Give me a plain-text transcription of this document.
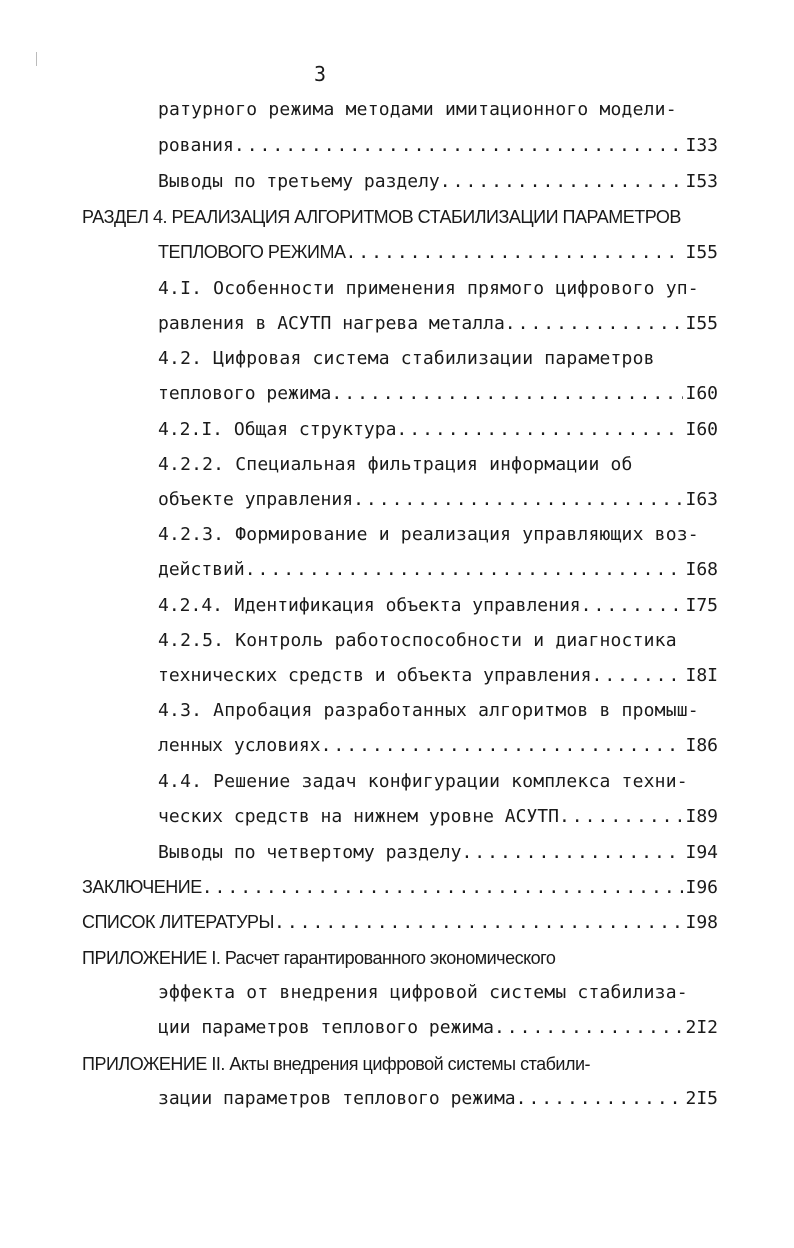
3
ратурного режима методами имитационного модели-
рования .....	I33
Выводы по третьему разделу .....	I53
РАЗДЕЛ 4. РЕАЛИЗАЦИЯ АЛГОРИТМОВ СТАБИЛИЗАЦИИ ПАРАМЕТРОВ
ТЕПЛОВОГО РЕЖИМА .....	I55
4.I. Особенности применения прямого цифрового уп-
равления в АСУТП нагрева металла .....	I55
4.2. Цифровая система стабилизации параметров
теплового режима .....	I60
4.2.I. Общая структура .....	I60
4.2.2. Специальная фильтрация информации об
объекте управления .....	I63
4.2.3. Формирование и реализация управляющих воз-
действий .....	I68
4.2.4. Идентификация объекта управления .....	I75
4.2.5. Контроль работоспособности и диагностика
технических средств и объекта управления .....	I8I
4.3. Апробация разработанных алгоритмов в промыш-
ленных условиях .....	I86
4.4. Решение задач конфигурации комплекса техни-
ческих средств на нижнем уровне АСУТП .....	I89
Выводы по четвертому разделу .....	I94
ЗАКЛЮЧЕНИЕ .....	I96
СПИСОК ЛИТЕРАТУРЫ .....	I98
ПРИЛОЖЕНИЕ I. Расчет гарантированного экономического
эффекта от внедрения цифровой системы стабилиза-
ции параметров теплового режима .....	2I2
ПРИЛОЖЕНИЕ II. Акты внедрения цифровой системы стабили-
зации параметров теплового режима .....	2I5
